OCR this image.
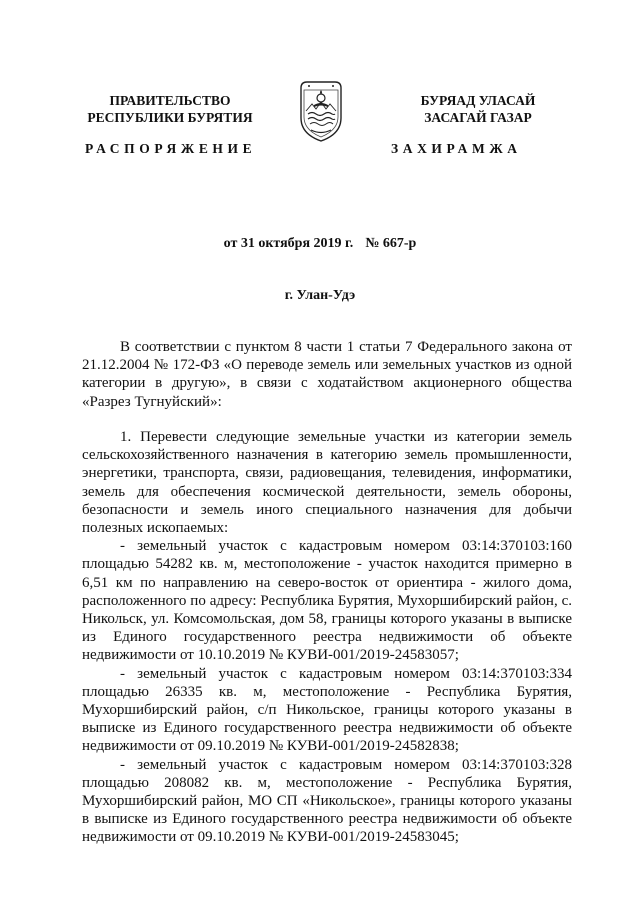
ПРАВИТЕЛЬСТВО
РЕСПУБЛИКИ БУРЯТИЯ
БУРЯАД УЛАСАЙ
ЗАСАГАЙ ГАЗАР
РАСПОРЯЖЕНИЕ	ЗАХИРАМЖА
от 31 октября 2019 г. № 667-р
г. Улан-Удэ

В соответствии с пунктом 8 части 1 статьи 7 Федерального закона от 21.12.2004 № 172-ФЗ «О переводе земель или земельных участков из одной категории в другую», в связи с ходатайством акционерного общества «Разрез Тугнуйский»:

1. Перевести следующие земельные участки из категории земель сельскохозяйственного назначения в категорию земель промышленности, энергетики, транспорта, связи, радиовещания, телевидения, информатики, земель для обеспечения космической деятельности, земель обороны, безопасности и земель иного специального назначения для добычи полезных ископаемых:

- земельный участок с кадастровым номером 03:14:370103:160 площадью 54282 кв. м, местоположение - участок находится примерно в 6,51 км по направлению на северо-восток от ориентира - жилого дома, расположенного по адресу: Республика Бурятия, Мухоршибирский район, с. Никольск, ул. Комсомольская, дом 58, границы которого указаны в выписке из Единого государственного реестра недвижимости об объекте недвижимости от 10.10.2019 № КУВИ-001/2019-24583057;

- земельный участок с кадастровым номером 03:14:370103:334 площадью 26335 кв. м, местоположение - Республика Бурятия, Мухоршибирский район, с/п Никольское, границы которого указаны в выписке из Единого государственного реестра недвижимости об объекте недвижимости от 09.10.2019 № КУВИ-001/2019-24582838;

- земельный участок с кадастровым номером 03:14:370103:328 площадью 208082 кв. м, местоположение - Республика Бурятия, Мухоршибирский район, МО СП «Никольское», границы которого указаны в выписке из Единого государственного реестра недвижимости об объекте недвижимости от 09.10.2019 № КУВИ-001/2019-24583045;
